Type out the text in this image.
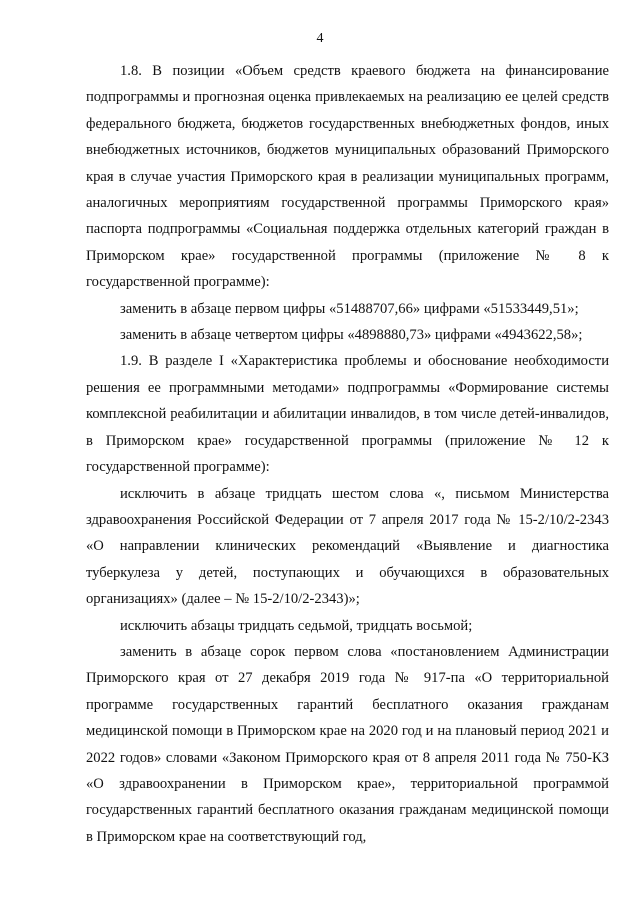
4

1.8. В позиции «Объем средств краевого бюджета на финансирование подпрограммы и прогнозная оценка привлекаемых на реализацию ее целей средств федерального бюджета, бюджетов государственных внебюджетных фондов, иных внебюджетных источников, бюджетов муниципальных образований Приморского края в случае участия Приморского края в реализации муниципальных программ, аналогичных мероприятиям государственной программы Приморского края» паспорта подпрограммы «Социальная поддержка отдельных категорий граждан в Приморском крае» государственной программы (приложение № 8 к государственной программе):

заменить в абзаце первом цифры «51488707,66» цифрами «51533449,51»;

заменить в абзаце четвертом цифры «4898880,73» цифрами «4943622,58»;

1.9. В разделе I «Характеристика проблемы и обоснование необходимости решения ее программными методами» подпрограммы «Формирование системы комплексной реабилитации и абилитации инвалидов, в том числе детей-инвалидов, в Приморском крае» государственной программы (приложение № 12 к государственной программе):

исключить в абзаце тридцать шестом слова «, письмом Министерства здравоохранения Российской Федерации от 7 апреля 2017 года № 15-2/10/2-2343 «О направлении клинических рекомендаций «Выявление и диагностика туберкулеза у детей, поступающих и обучающихся в образовательных организациях» (далее – № 15-2/10/2-2343)»;

исключить абзацы тридцать седьмой, тридцать восьмой;

заменить в абзаце сорок первом слова «постановлением Администрации Приморского края от 27 декабря 2019 года № 917-па «О территориальной программе государственных гарантий бесплатного оказания гражданам медицинской помощи в Приморском крае на 2020 год и на плановый период 2021 и 2022 годов» словами «Законом Приморского края от 8 апреля 2011 года № 750-КЗ «О здравоохранении в Приморском крае», территориальной программой государственных гарантий бесплатного оказания гражданам медицинской помощи в Приморском крае на соответствующий год,
